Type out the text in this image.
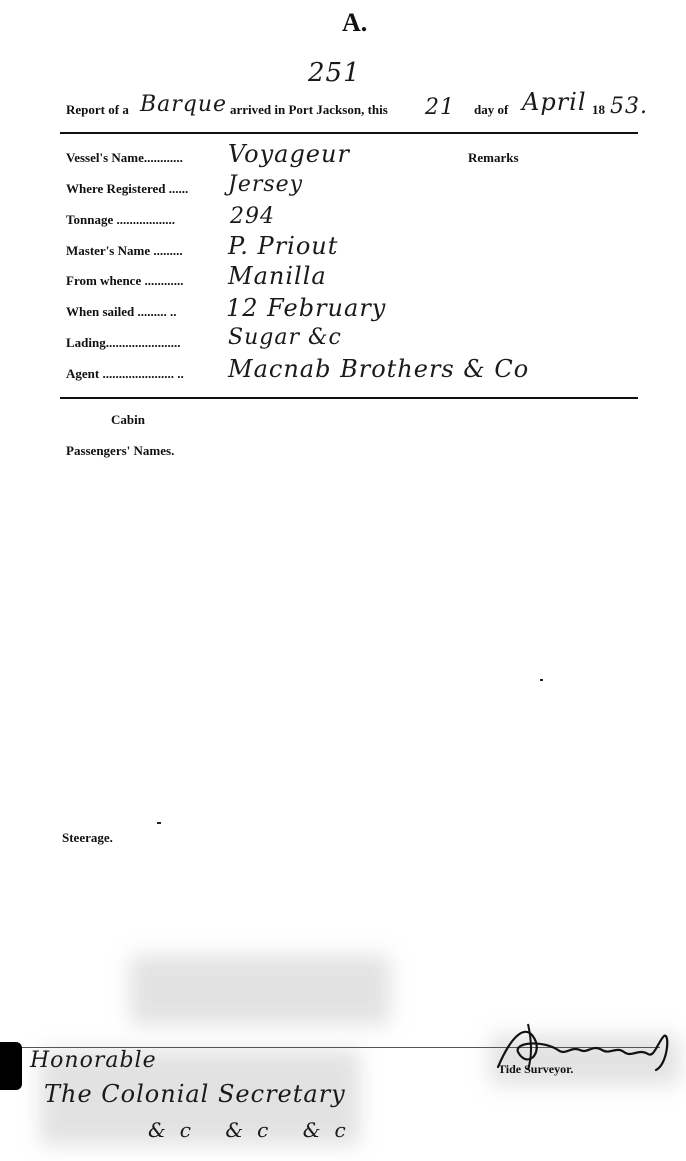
A.
251
Report of a Barque arrived in Port Jackson, this 21 day of April 18 53.
Vessel's Name............ Voyageur	Remarks
Where Registered ...... Jersey
Tonnage ..................	294
Master's Name ......... P. Priout
From whence ............ Manilla
When sailed ......... .. 12 February
Lading....................... Sugar &c
Agent ...................... .. Macnab Brothers & Co
Cabin
Passengers' Names.
Steerage.
Tide Surveyor.
Honorable
The Colonial Secretary
&c &c &c
